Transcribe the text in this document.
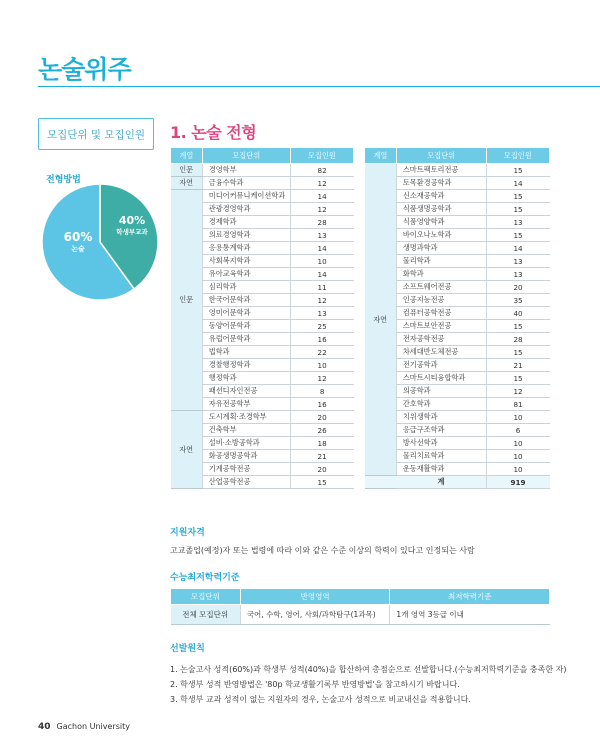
논술위주
모집단위 및 모집인원
전형방법
60%
논술
40%
학생부교과
1. 논술 전형
계열	모집단위	모집인원
인문	경영학부	82
자연	금융수학과	12
인문	미디어커뮤니케이션학과	14
	관광경영학과	12
	경제학과	28
	의료경영학과	13
	응용통계학과	14
	사회복지학과	10
	유아교육학과	14
	심리학과	11
	한국어문학과	12
	영미어문학과	13
	동양어문학과	25
	유럽어문학과	16
	법학과	22
	경찰행정학과	10
	행정학과	12
	패션디자인전공	8
	자유전공학부	16
자연	도시계획·조경학부	20
	건축학부	26
	설비·소방공학과	18
	화공생명공학과	21
	기계공학전공	20
	산업공학전공	15
계열	모집단위	모집인원
자연	스마트팩토리전공	15
	토목환경공학과	14
	신소재공학과	15
	식품생명공학과	15
	식품영양학과	13
	바이오나노학과	15
	생명과학과	14
	물리학과	13
	화학과	13
	소프트웨어전공	20
	인공지능전공	35
	컴퓨터공학전공	40
	스마트보안전공	15
	전자공학전공	28
	차세대반도체전공	15
	전기공학과	21
	스마트시티융합학과	15
	의공학과	12
	간호학과	81
	치위생학과	10
	응급구조학과	6
	방사선학과	10
	물리치료학과	10
	운동재활학과	10
	계	919
지원자격
고교졸업(예정)자 또는 법령에 따라 이와 같은 수준 이상의 학력이 있다고 인정되는 사람
수능최저학력기준
모집단위	반영영역	최저학력기준
전체 모집단위	국어, 수학, 영어, 사회/과학탐구(1과목)	1개 영역 3등급 이내
선발원칙
1. 논술고사 성적(60%)과 학생부 성적(40%)을 합산하여 총점순으로 선발합니다.(수능최저학력기준을 충족한 자)
2. 학생부 성적 반영방법은 '80p 학교생활기록부 반영방법'을 참고하시기 바랍니다.
3. 학생부 교과 성적이 없는 지원자의 경우, 논술고사 성적으로 비교내신을 적용합니다.
40 Gachon University
